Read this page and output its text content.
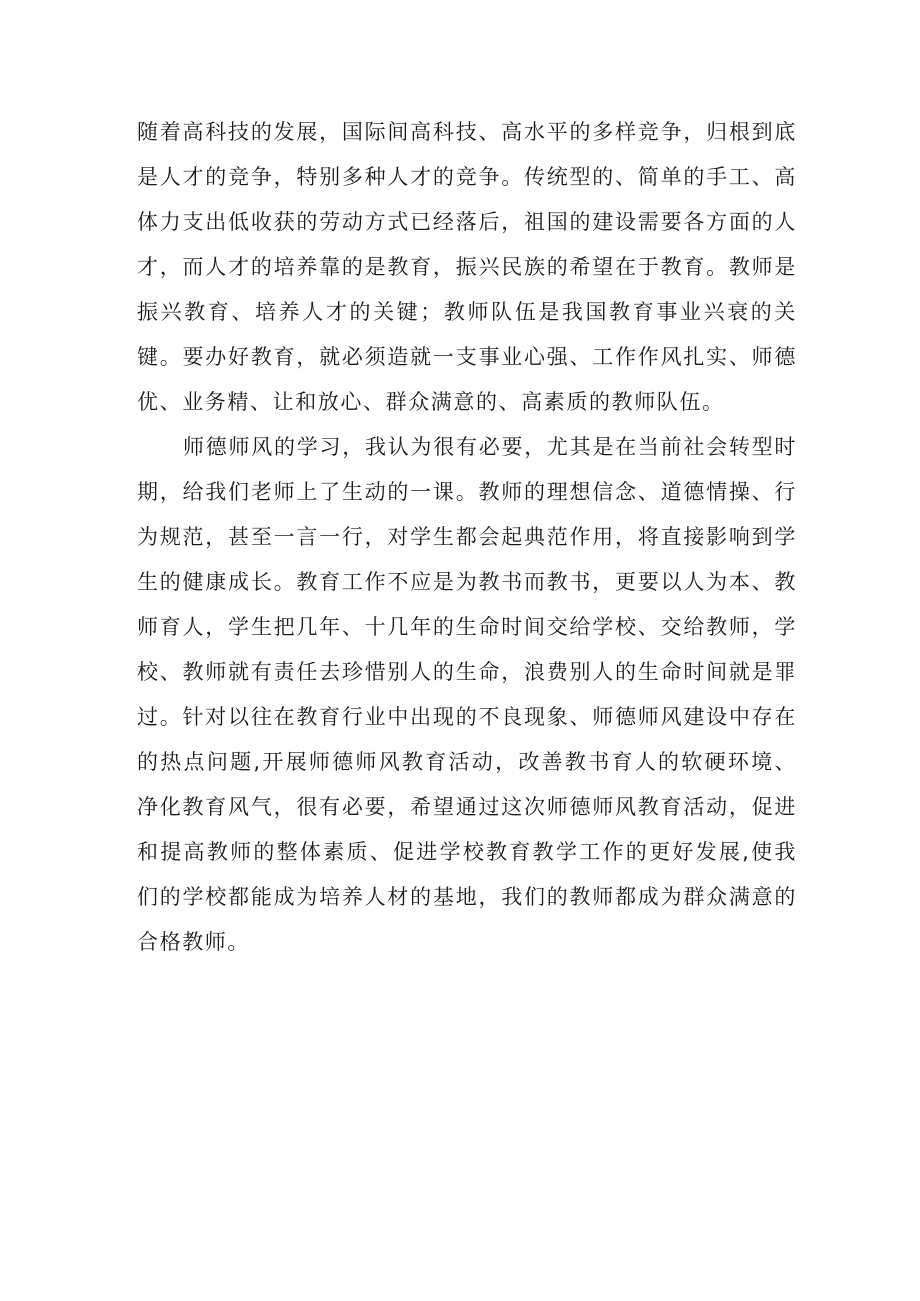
随着高科技的发展，国际间高科技、高水平的多样竞争，归根到底是人才的竞争，特别多种人才的竞争。传统型的、简单的手工、高体力支出低收获的劳动方式已经落后，祖国的建设需要各方面的人才，而人才的培养靠的是教育，振兴民族的希望在于教育。教师是振兴教育、培养人才的关键；教师队伍是我国教育事业兴衰的关键。要办好教育，就必须造就一支事业心强、工作作风扎实、师德优、业务精、让和放心、群众满意的、高素质的教师队伍。

师德师风的学习，我认为很有必要，尤其是在当前社会转型时期，给我们老师上了生动的一课。教师的理想信念、道德情操、行为规范，甚至一言一行，对学生都会起典范作用，将直接影响到学生的健康成长。教育工作不应是为教书而教书，更要以人为本、教师育人，学生把几年、十几年的生命时间交给学校、交给教师，学校、教师就有责任去珍惜别人的生命，浪费别人的生命时间就是罪过。针对以往在教育行业中出现的不良现象、师德师风建设中存在的热点问题,开展师德师风教育活动，改善教书育人的软硬环境、净化教育风气，很有必要，希望通过这次师德师风教育活动，促进和提高教师的整体素质、促进学校教育教学工作的更好发展,使我们的学校都能成为培养人材的基地，我们的教师都成为群众满意的合格教师。
